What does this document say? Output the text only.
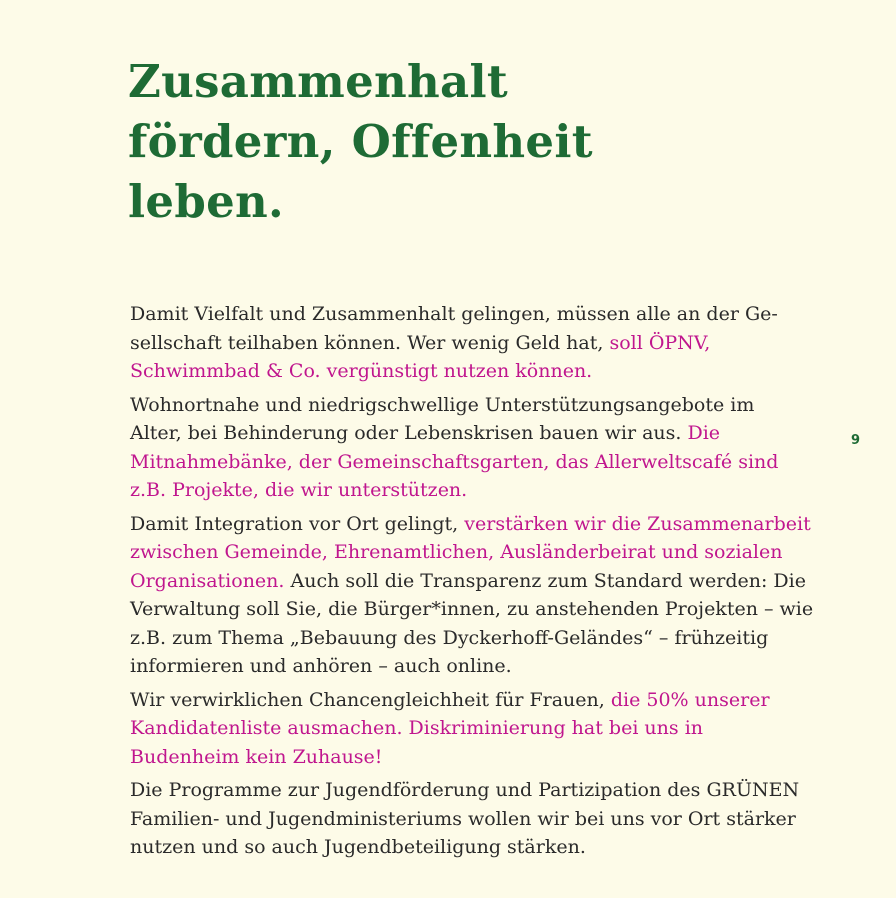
Zusammenhalt
fördern, Offenheit
leben.
9

Damit Vielfalt und Zusammenhalt gelingen, müssen alle an der Ge-
sellschaft teilhaben können. Wer wenig Geld hat, soll ÖPNV,
Schwimmbad & Co. vergünstigt nutzen können.

Wohnortnahe und niedrigschwellige Unterstützungsangebote im
Alter, bei Behinderung oder Lebenskrisen bauen wir aus. Die
Mitnahmebänke, der Gemeinschaftsgarten, das Allerweltscafé sind
z.B. Projekte, die wir unterstützen.

Damit Integration vor Ort gelingt, verstärken wir die Zusammenarbeit
zwischen Gemeinde, Ehrenamtlichen, Ausländerbeirat und sozialen
Organisationen. Auch soll die Transparenz zum Standard werden: Die
Verwaltung soll Sie, die Bürger*innen, zu anstehenden Projekten – wie
z.B. zum Thema „Bebauung des Dyckerhoff-Geländes“ – frühzeitig
informieren und anhören – auch online.

Wir verwirklichen Chancengleichheit für Frauen, die 50% unserer
Kandidatenliste ausmachen. Diskriminierung hat bei uns in
Budenheim kein Zuhause!

Die Programme zur Jugendförderung und Partizipation des GRÜNEN
Familien- und Jugendministeriums wollen wir bei uns vor Ort stärker
nutzen und so auch Jugendbeteiligung stärken.
